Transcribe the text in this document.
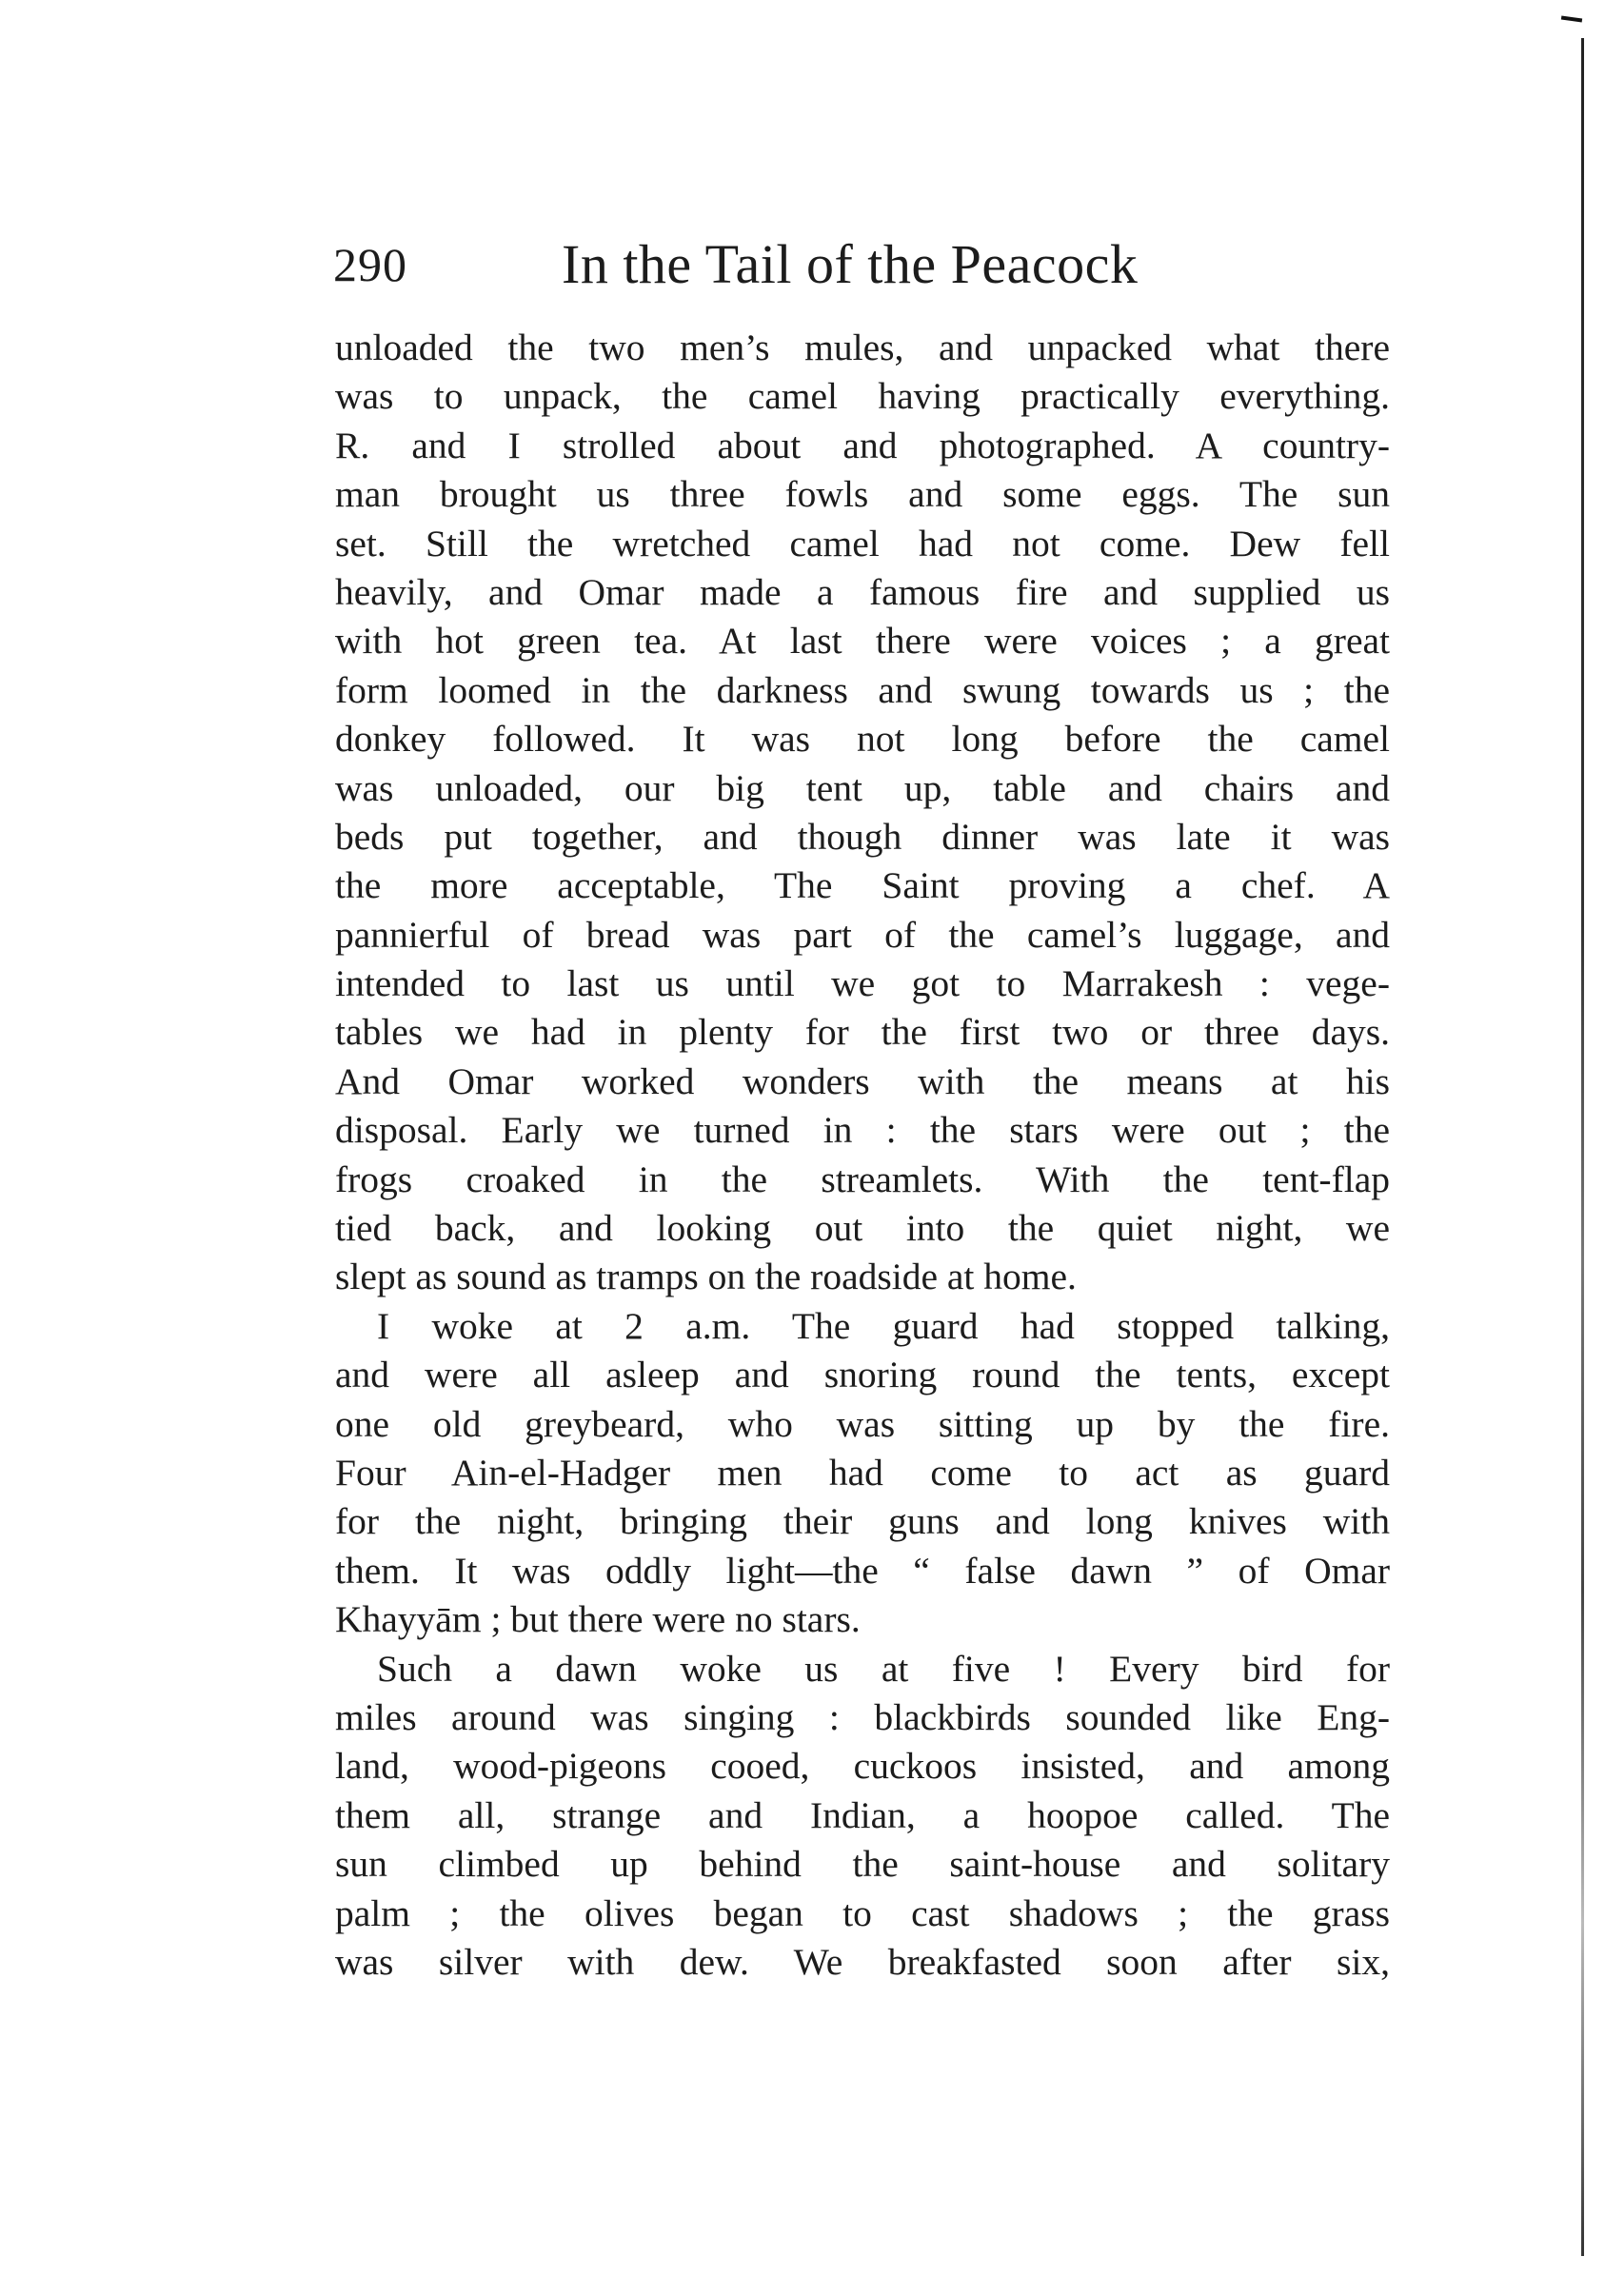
290	In the Tail of the Peacock
unloaded the two men’s mules, and unpacked what there
was to unpack, the camel having practically everything.
R. and I strolled about and photographed. A country-
man brought us three fowls and some eggs. The sun
set. Still the wretched camel had not come. Dew fell
heavily, and Omar made a famous fire and supplied us
with hot green tea. At last there were voices ; a great
form loomed in the darkness and swung towards us ; the
donkey followed. It was not long before the camel
was unloaded, our big tent up, table and chairs and
beds put together, and though dinner was late it was
the more acceptable, The Saint proving a chef. A
pannierful of bread was part of the camel’s luggage, and
intended to last us until we got to Marrakesh : vege-
tables we had in plenty for the first two or three days.
And Omar worked wonders with the means at his
disposal. Early we turned in : the stars were out ; the
frogs croaked in the streamlets. With the tent-flap
tied back, and looking out into the quiet night, we
slept as sound as tramps on the roadside at home.
I woke at 2 a.m. The guard had stopped talking,
and were all asleep and snoring round the tents, except
one old greybeard, who was sitting up by the fire.
Four Ain-el-Hadger men had come to act as guard
for the night, bringing their guns and long knives with
them. It was oddly light—the “ false dawn ” of Omar
Khayyām ; but there were no stars.
Such a dawn woke us at five ! Every bird for
miles around was singing : blackbirds sounded like Eng-
land, wood-pigeons cooed, cuckoos insisted, and among
them all, strange and Indian, a hoopoe called. The
sun climbed up behind the saint-house and solitary
palm ; the olives began to cast shadows ; the grass
was silver with dew. We breakfasted soon after six,
